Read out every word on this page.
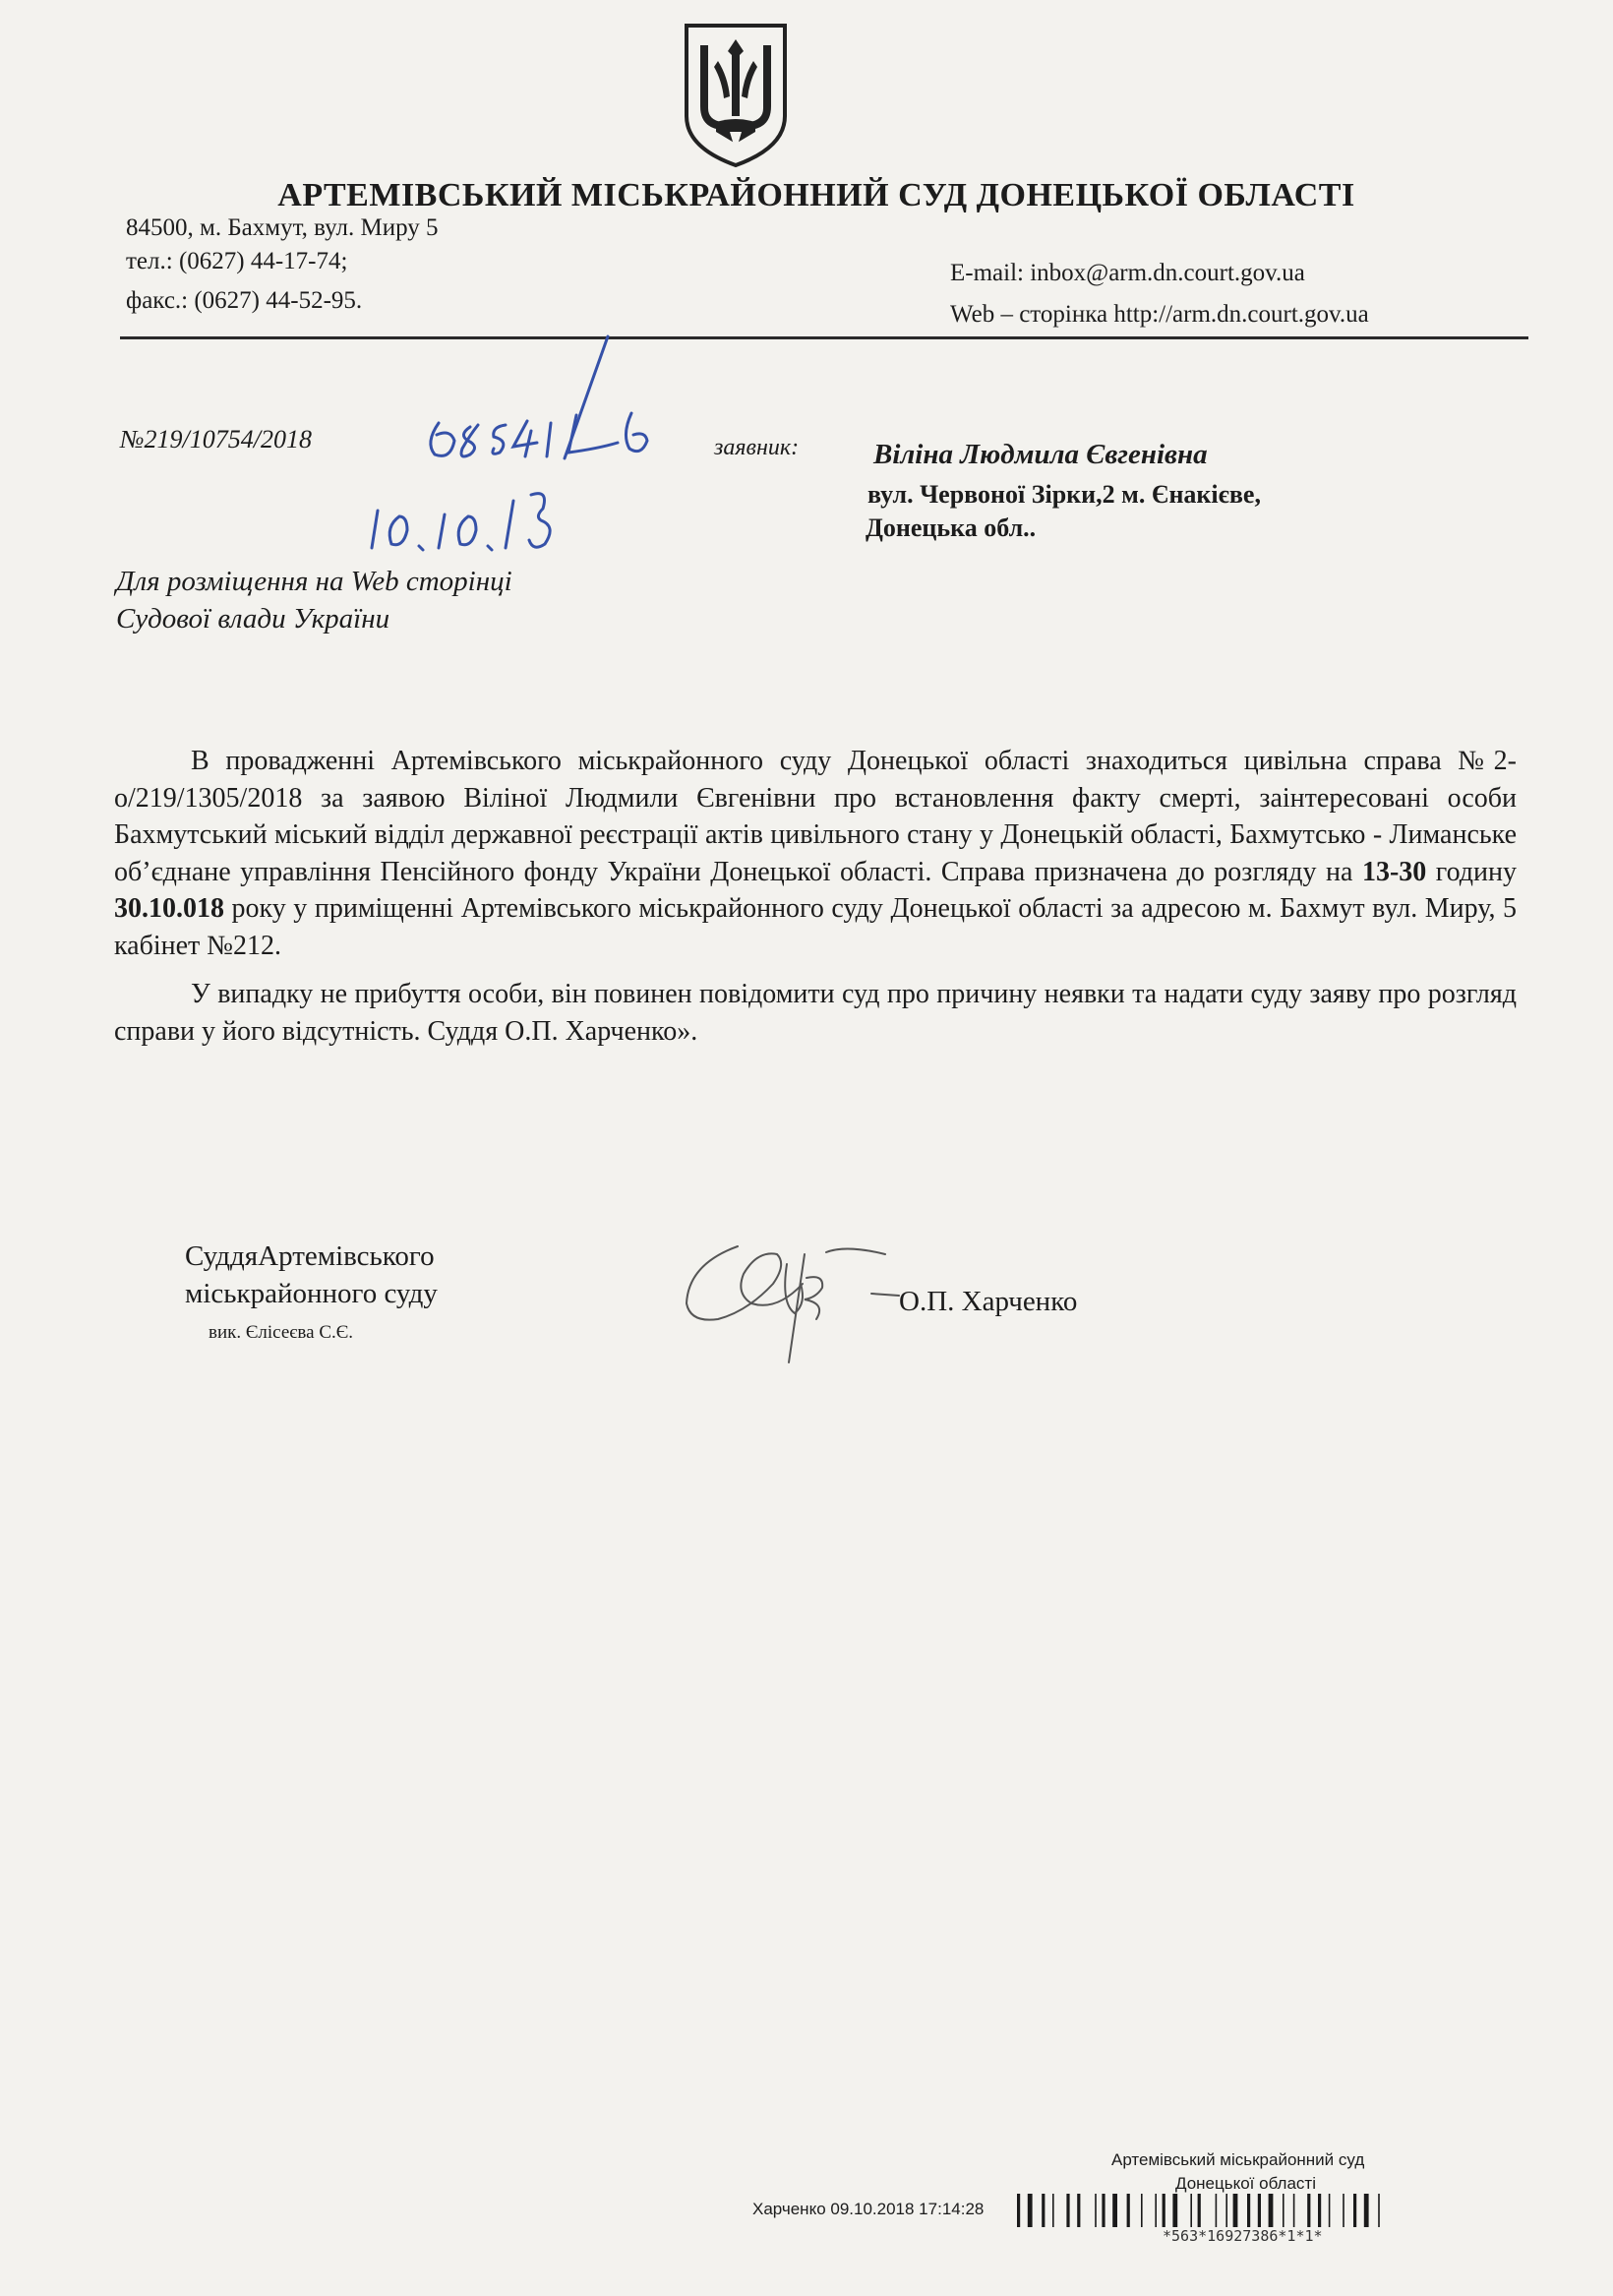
АРТЕМІВСЬКИЙ МІСЬКРАЙОННИЙ СУД ДОНЕЦЬКОЇ ОБЛАСТІ
84500, м. Бахмут, вул. Миру 5
тел.: (0627) 44-17-74;
факс.: (0627) 44-52-95.
E-mail: inbox@arm.dn.court.gov.ua
Web – сторінка http://arm.dn.court.gov.ua
№219/10754/2018	заявник:	Віліна Людмила Євгенівна
вул. Червоної Зірки,2 м. Єнакієве,
Донецька обл..
Для розміщення на Web сторінці
Судової влади України

В провадженні Артемівського міськрайонного суду Донецької області знаходиться цивільна справа №2-о/219/1305/2018 за заявою Віліної Людмили Євгенівни про встановлення факту смерті, заінтересовані особи Бахмутський міський відділ державної реєстрації актів цивільного стану у Донецькій області, Бахмутсько - Лиманське об’єднане управління Пенсійного фонду України Донецької області. Справа призначена до розгляду на 13-30 годину 30.10.018 року у приміщенні Артемівського міськрайонного суду Донецької області за адресою м. Бахмут вул. Миру, 5 кабінет №212.

У випадку не прибуття особи, він повинен повідомити суд про причину неявки та надати суду заяву про розгляд справи у його відсутність. Суддя О.П. Харченко».

СуддяАртемівського
міськрайонного суду
вик. Єлісеєва С.Є.
О.П. Харченко
Артемівський міськрайонний суд
Донецької області
Харченко 09.10.2018 17:14:28
*563*16927386*1*1*
